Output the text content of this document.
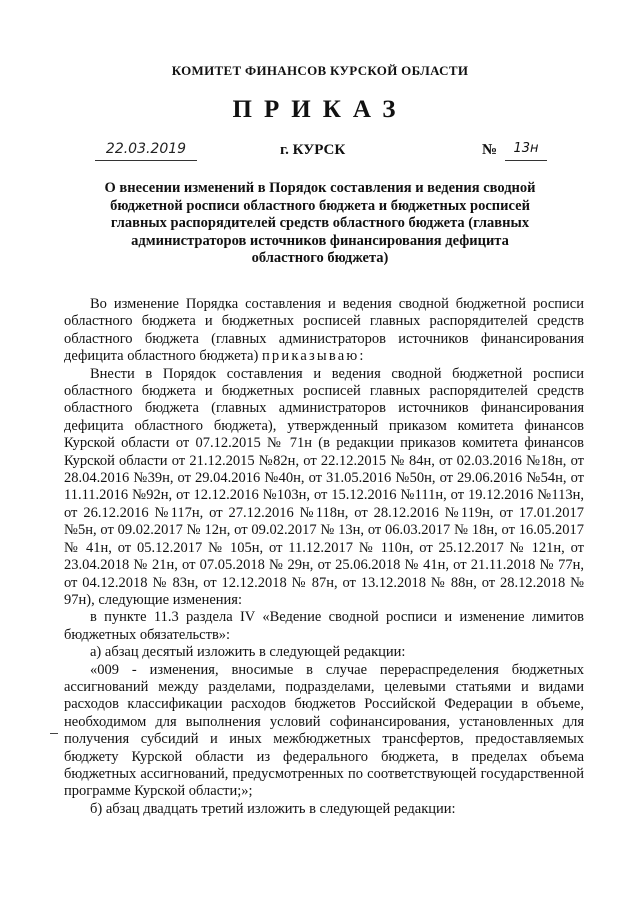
КОМИТЕТ ФИНАНСОВ КУРСКОЙ ОБЛАСТИ
ПРИКАЗ
22.03.2019	г. КУРСК	№	13н
О внесении изменений в Порядок составления и ведения сводной бюджетной росписи областного бюджета и бюджетных росписей главных распорядителей средств областного бюджета (главных администраторов источников финансирования дефицита областного бюджета)

Во изменение Порядка составления и ведения сводной бюджетной росписи областного бюджета и бюджетных росписей главных распорядителей средств областного бюджета (главных администраторов источников финансирования дефицита областного бюджета) приказываю:

Внести в Порядок составления и ведения сводной бюджетной росписи областного бюджета и бюджетных росписей главных распорядителей средств областного бюджета (главных администраторов источников финансирования дефицита областного бюджета), утвержденный приказом комитета финансов Курской области от 07.12.2015 № 71н (в редакции приказов комитета финансов Курской области от 21.12.2015 №82н, от 22.12.2015 № 84н, от 02.03.2016 №18н, от 28.04.2016 №39н, от 29.04.2016 №40н, от 31.05.2016 №50н, от 29.06.2016 №54н, от 11.11.2016 №92н, от 12.12.2016 №103н, от 15.12.2016 №111н, от 19.12.2016 №113н, от 26.12.2016 №117н, от 27.12.2016 №118н, от 28.12.2016 №119н, от 17.01.2017 №5н, от 09.02.2017 № 12н, от 09.02.2017 № 13н, от 06.03.2017 № 18н, от 16.05.2017 № 41н, от 05.12.2017 № 105н, от 11.12.2017 № 110н, от 25.12.2017 № 121н, от 23.04.2018 № 21н, от 07.05.2018 № 29н, от 25.06.2018 № 41н, от 21.11.2018 № 77н, от 04.12.2018 № 83н, от 12.12.2018 № 87н, от 13.12.2018 № 88н, от 28.12.2018 № 97н), следующие изменения:

в пункте 11.3 раздела IV «Ведение сводной росписи и изменение лимитов бюджетных обязательств»:

а) абзац десятый изложить в следующей редакции:

«009 - изменения, вносимые в случае перераспределения бюджетных ассигнований между разделами, подразделами, целевыми статьями и видами расходов классификации расходов бюджетов Российской Федерации в объеме, необходимом для выполнения условий софинансирования, установленных для получения субсидий и иных межбюджетных трансфертов, предоставляемых бюджету Курской области из федерального бюджета, в пределах объема бюджетных ассигнований, предусмотренных по соответствующей государственной программе Курской области;»;

б) абзац двадцать третий изложить в следующей редакции:
